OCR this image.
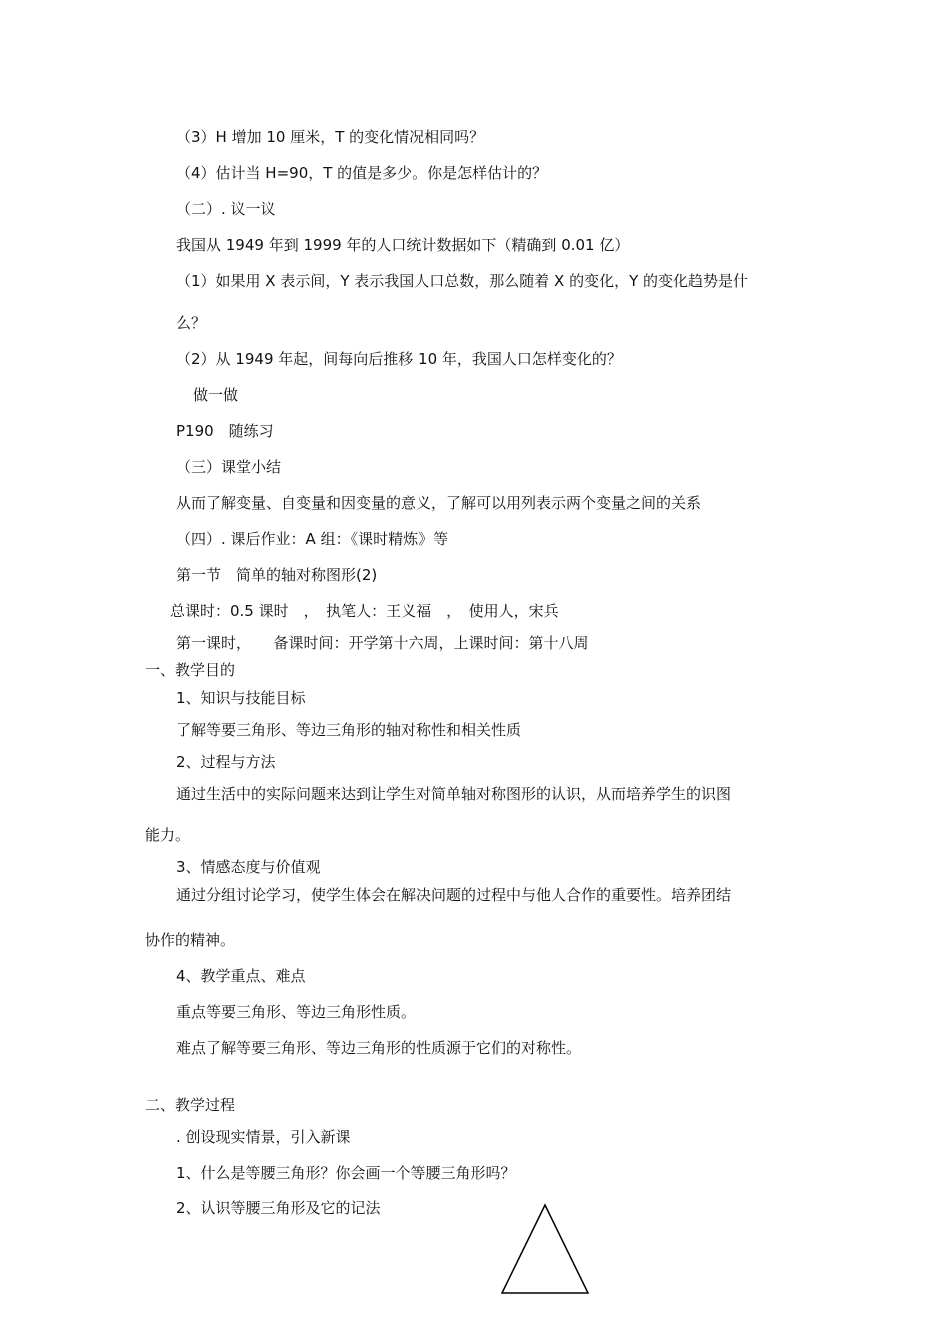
（3）H 增加 10 厘米，T 的变化情况相同吗？
（4）估计当 H=90，T 的值是多少。你是怎样估计的？
（二）. 议一议
我国从 1949 年到 1999 年的人口统计数据如下（精确到 0.01 亿）
（1）如果用 X 表示间，Y 表示我国人口总数，那么随着 X 的变化，Y 的变化趋势是什
么？
（2）从 1949 年起，间每向后推移 10 年，我国人口怎样变化的？
做一做
P190　随练习
（三）课堂小结
从而了解变量、自变量和因变量的意义，了解可以用列表示两个变量之间的关系
（四）. 课后作业：A 组：《课时精炼》等
第一节　简单的轴对称图形(2)
总课时：0.5 课时　，　执笔人：王义福　，　使用人，宋兵
第一课时，　　备课时间：开学第十六周，上课时间：第十八周
一、教学目的
1、知识与技能目标
了解等要三角形、等边三角形的轴对称性和相关性质
2、过程与方法
通过生活中的实际问题来达到让学生对简单轴对称图形的认识，从而培养学生的识图
能力。
3、情感态度与价值观
通过分组讨论学习，使学生体会在解决问题的过程中与他人合作的重要性。培养团结
协作的精神。
4、教学重点、难点
重点等要三角形、等边三角形性质。
难点了解等要三角形、等边三角形的性质源于它们的对称性。
二、教学过程
. 创设现实情景，引入新课
1、什么是等腰三角形？你会画一个等腰三角形吗？
2、认识等腰三角形及它的记法
